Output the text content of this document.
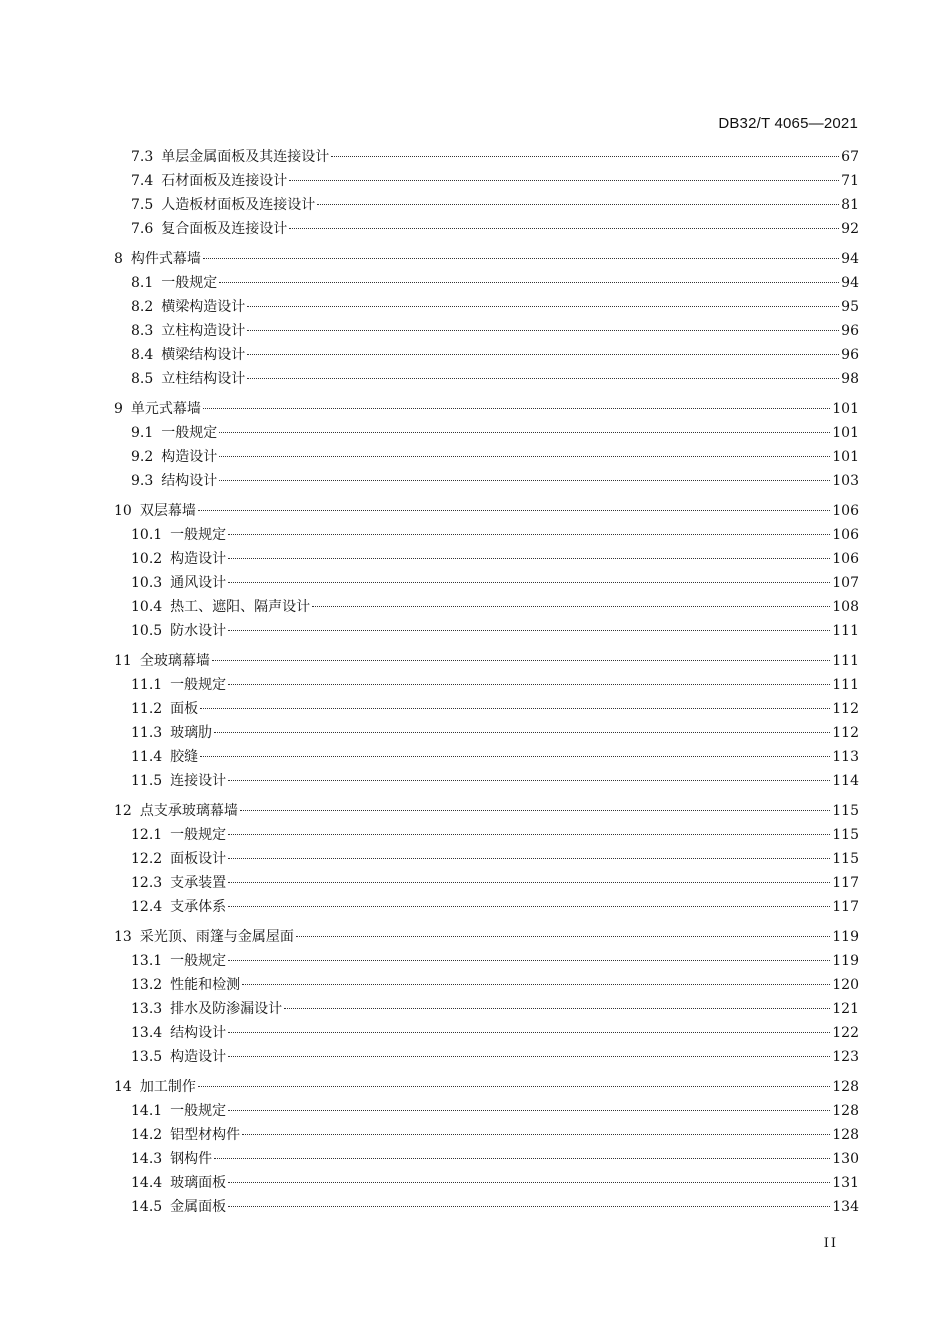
DB32/T 4065—2021
7.3 单层金属面板及其连接设计	67
7.4 石材面板及连接设计	71
7.5 人造板材面板及连接设计	81
7.6 复合面板及连接设计	92
8 构件式幕墙	94
8.1 一般规定	94
8.2 横梁构造设计	95
8.3 立柱构造设计	96
8.4 横梁结构设计	96
8.5 立柱结构设计	98
9 单元式幕墙	101
9.1 一般规定	101
9.2 构造设计	101
9.3 结构设计	103
10 双层幕墙	106
10.1 一般规定	106
10.2 构造设计	106
10.3 通风设计	107
10.4 热工、遮阳、隔声设计	108
10.5 防水设计	111
11 全玻璃幕墙	111
11.1 一般规定	111
11.2 面板	112
11.3 玻璃肋	112
11.4 胶缝	113
11.5 连接设计	114
12 点支承玻璃幕墙	115
12.1 一般规定	115
12.2 面板设计	115
12.3 支承装置	117
12.4 支承体系	117
13 采光顶、雨篷与金属屋面	119
13.1 一般规定	119
13.2 性能和检测	120
13.3 排水及防渗漏设计	121
13.4 结构设计	122
13.5 构造设计	123
14 加工制作	128
14.1 一般规定	128
14.2 铝型材构件	128
14.3 钢构件	130
14.4 玻璃面板	131
14.5 金属面板	134
II
